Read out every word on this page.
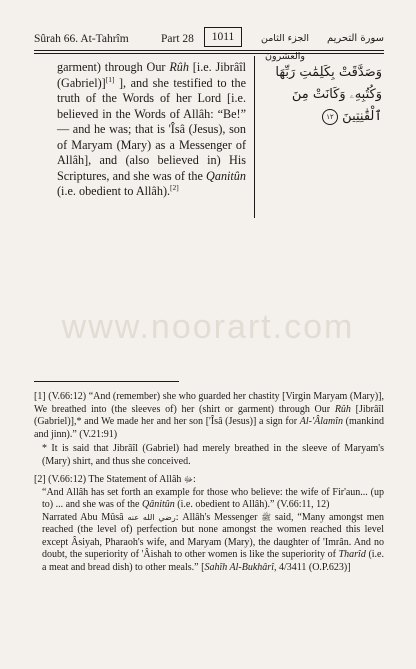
Sûrah 66. At-Tahrîm	Part 28	1011	الجزء الثامن والعشرون
سورة التحريم
garment) through Our Rûh [i.e. Jibrâîl (Gabriel)][1] ], and she testified to the truth of the Words of her Lord [i.e. believed in the Words of Allâh: “Be!” — and he was; that is 'Îsâ (Jesus), son of Maryam (Mary) as a Messenger of Allâh], and (also believed in) His Scriptures, and she was of the Qanitûn (i.e. obedient to Allâh).[2]
وَصَدَّقَتْ بِكَلِمَٰتِ رَبِّهَا وَكُتُبِهِۦ وَكَانَتْ مِنَ ٱلْقَٰنِتِينَ ١٢
www.noorart.com

[1] (V.66:12) “And (remember) she who guarded her chastity [Virgin Maryam (Mary)], We breathed into (the sleeves of) her (shirt or garment) through Our Rûh [Jibrâîl (Gabriel)],* and We made her and her son ['Îsâ (Jesus)] a sign for Al-'Âlamîn (mankind and jinn).” (V.21:91)

* It is said that Jibrâîl (Gabriel) had merely breathed in the sleeve of Maryam's (Mary) shirt, and thus she conceived.

[2] (V.66:12) The Statement of Allâh ﷻ:

“And Allâh has set forth an example for those who believe: the wife of Fir'aun... (up to) ... and she was of the Qânitûn (i.e. obedient to Allâh).” (V.66:11, 12)

Narrated Abu Mûsâ رضي الله عنه: Allâh's Messenger ﷺ said, “Many amongst men reached (the level of) perfection but none amongst the women reached this level except Âsiyah, Pharaoh's wife, and Maryam (Mary), the daughter of 'Imrân. And no doubt, the superiority of 'Âishah to other women is like the superiority of Tharîd (i.e. a meat and bread dish) to other meals.” [Sahîh Al-Bukhârî, 4/3411 (O.P.623)]
